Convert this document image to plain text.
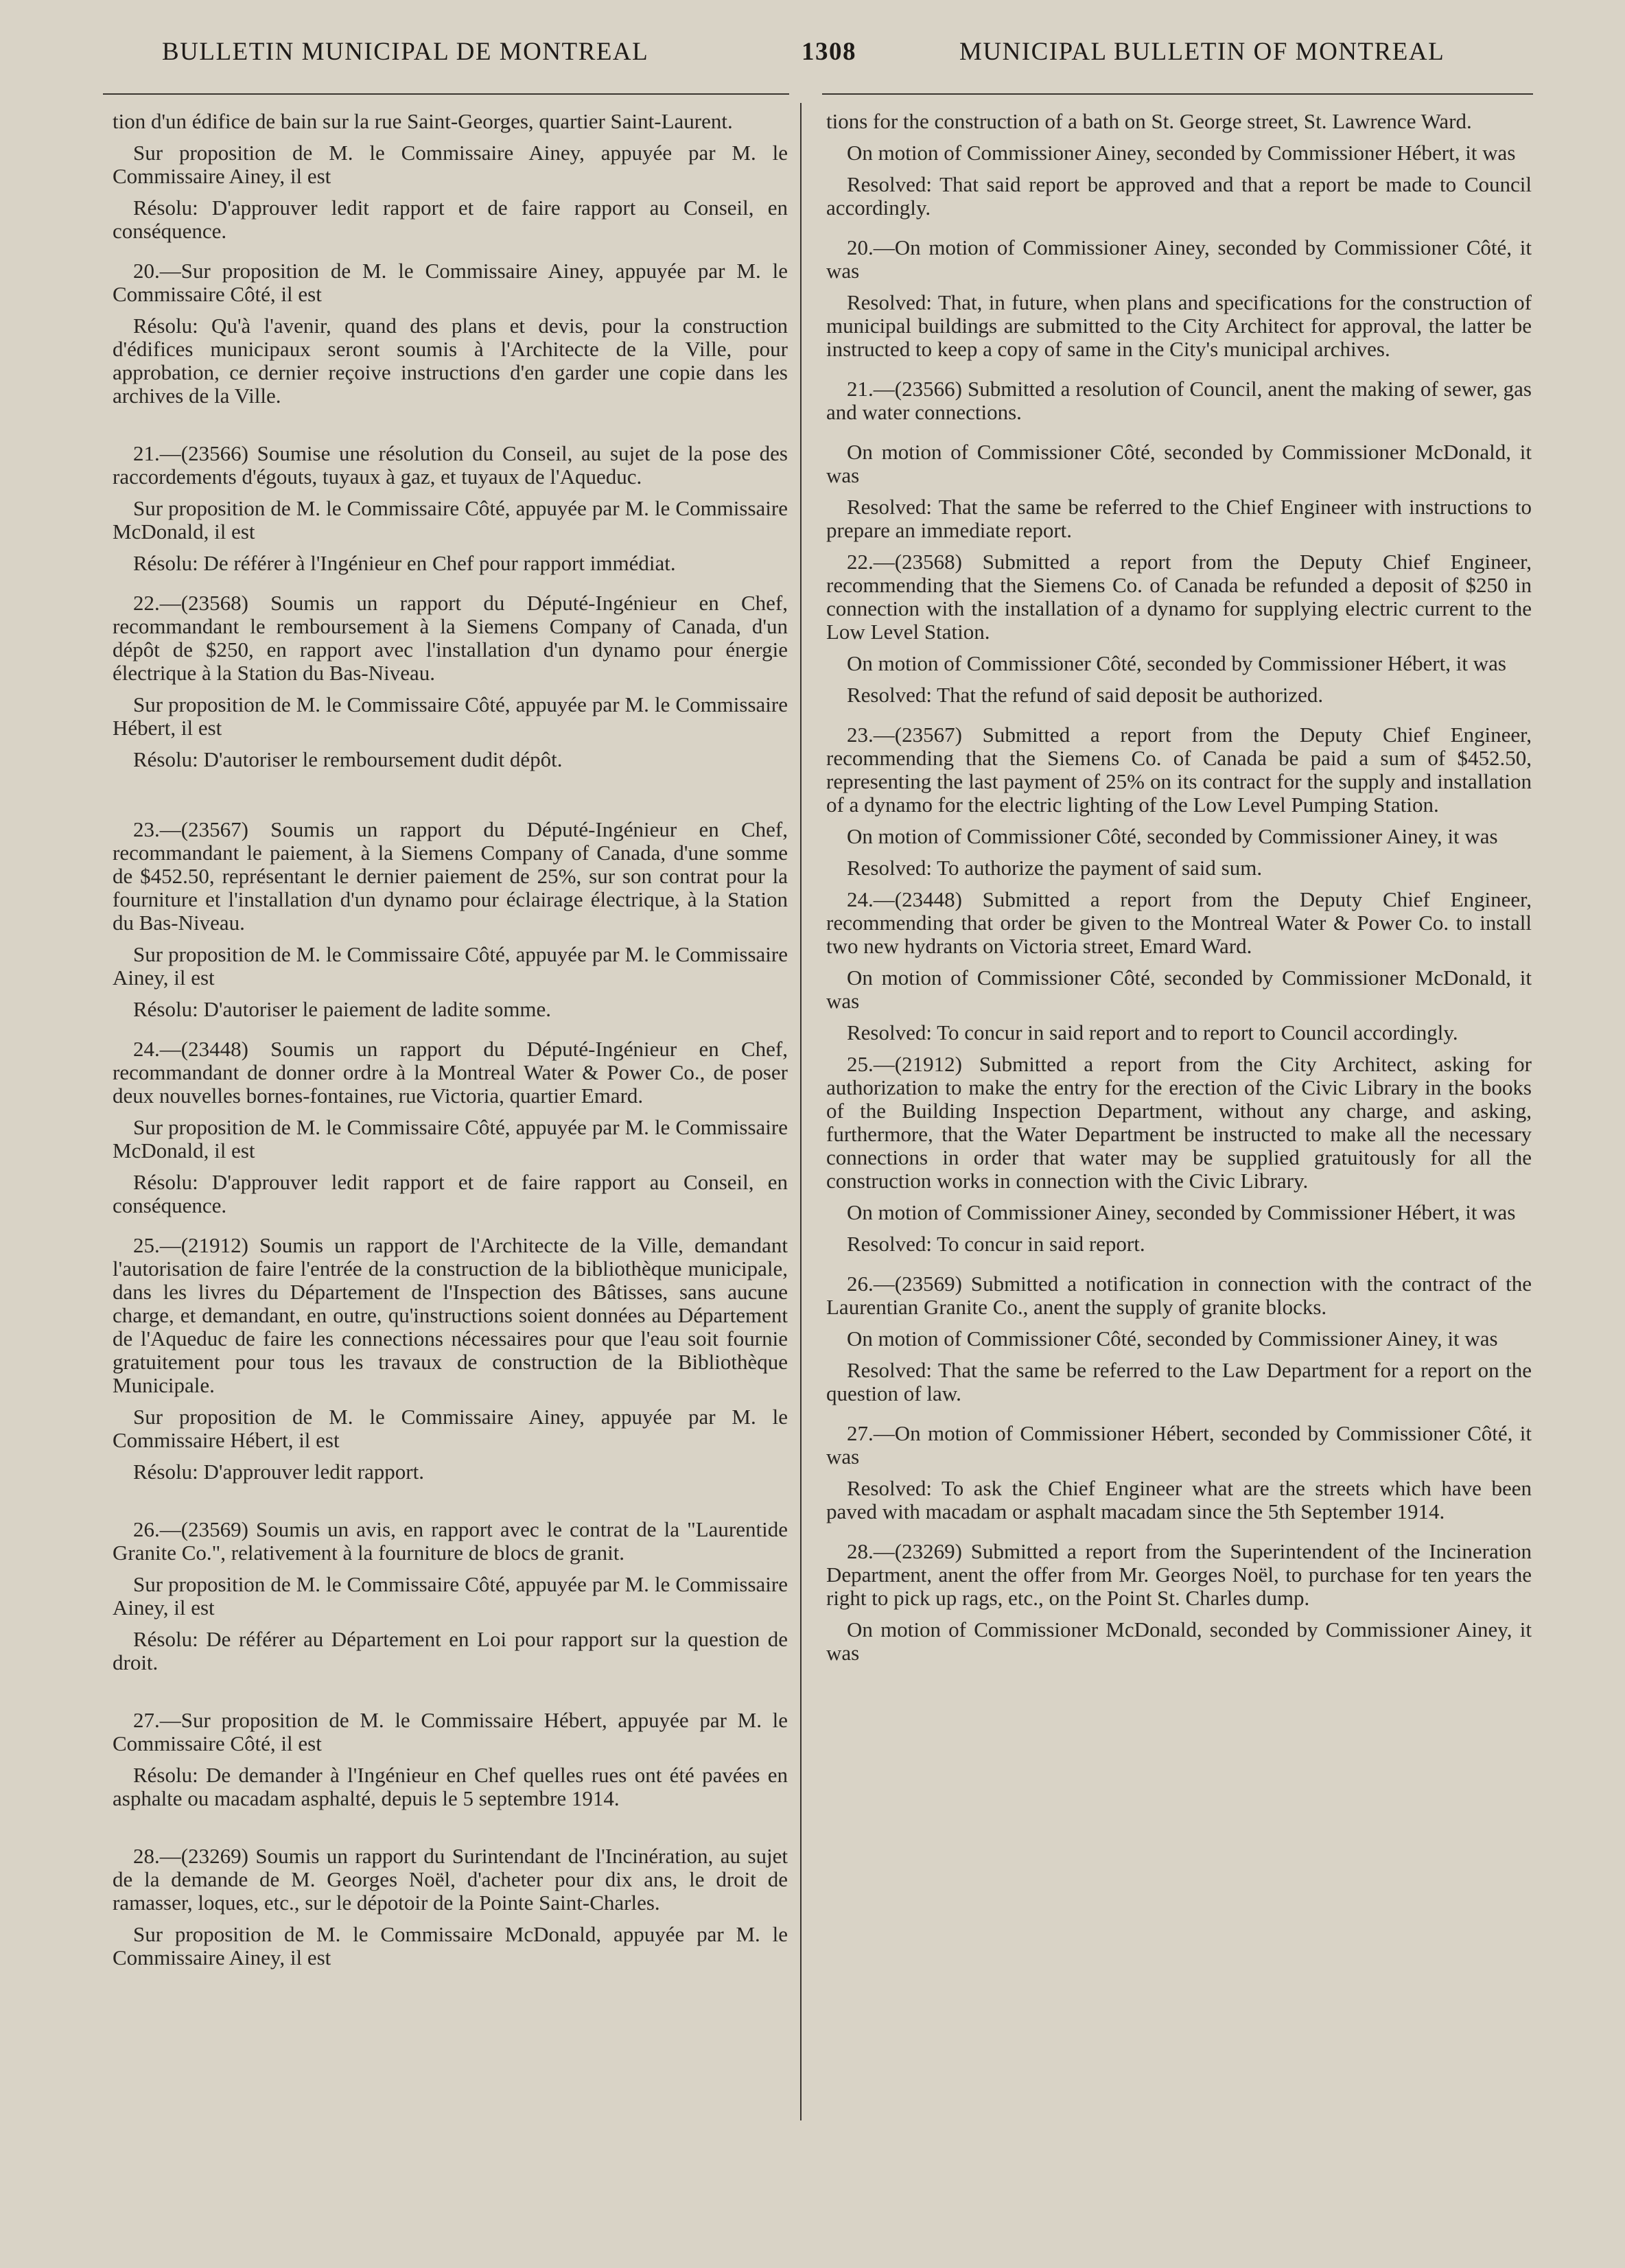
BULLETIN MUNICIPAL DE MONTREAL	1308	MUNICIPAL BULLETIN OF MONTREAL

tion d'un édifice de bain sur la rue Saint-Georges, quartier Saint-Laurent.

Sur proposition de M. le Commissaire Ainey, appuyée par M. le Commissaire Ainey, il est

Résolu: D'approuver ledit rapport et de faire rapport au Conseil, en conséquence.

20.—Sur proposition de M. le Commissaire Ainey, appuyée par M. le Commissaire Côté, il est

Résolu: Qu'à l'avenir, quand des plans et devis, pour la construction d'édifices municipaux seront soumis à l'Architecte de la Ville, pour approbation, ce dernier reçoive instructions d'en garder une copie dans les archives de la Ville.

21.—(23566) Soumise une résolution du Conseil, au sujet de la pose des raccordements d'égouts, tuyaux à gaz, et tuyaux de l'Aqueduc.

Sur proposition de M. le Commissaire Côté, appuyée par M. le Commissaire McDonald, il est

Résolu: De référer à l'Ingénieur en Chef pour rapport immédiat.

22.—(23568) Soumis un rapport du Député-Ingénieur en Chef, recommandant le remboursement à la Siemens Company of Canada, d'un dépôt de $250, en rapport avec l'installation d'un dynamo pour énergie électrique à la Station du Bas-Niveau.

Sur proposition de M. le Commissaire Côté, appuyée par M. le Commissaire Hébert, il est

Résolu: D'autoriser le remboursement dudit dépôt.

23.—(23567) Soumis un rapport du Député-Ingénieur en Chef, recommandant le paiement, à la Siemens Company of Canada, d'une somme de $452.50, représentant le dernier paiement de 25%, sur son contrat pour la fourniture et l'installation d'un dynamo pour éclairage électrique, à la Station du Bas-Niveau.

Sur proposition de M. le Commissaire Côté, appuyée par M. le Commissaire Ainey, il est

Résolu: D'autoriser le paiement de ladite somme.

24.—(23448) Soumis un rapport du Député-Ingénieur en Chef, recommandant de donner ordre à la Montreal Water & Power Co., de poser deux nouvelles bornes-fontaines, rue Victoria, quartier Emard.

Sur proposition de M. le Commissaire Côté, appuyée par M. le Commissaire McDonald, il est

Résolu: D'approuver ledit rapport et de faire rapport au Conseil, en conséquence.

25.—(21912) Soumis un rapport de l'Architecte de la Ville, demandant l'autorisation de faire l'entrée de la construction de la bibliothèque municipale, dans les livres du Département de l'Inspection des Bâtisses, sans aucune charge, et demandant, en outre, qu'instructions soient données au Département de l'Aqueduc de faire les connections nécessaires pour que l'eau soit fournie gratuitement pour tous les travaux de construction de la Bibliothèque Municipale.

Sur proposition de M. le Commissaire Ainey, appuyée par M. le Commissaire Hébert, il est

Résolu: D'approuver ledit rapport.

26.—(23569) Soumis un avis, en rapport avec le contrat de la "Laurentide Granite Co.", relativement à la fourniture de blocs de granit.

Sur proposition de M. le Commissaire Côté, appuyée par M. le Commissaire Ainey, il est

Résolu: De référer au Département en Loi pour rapport sur la question de droit.

27.—Sur proposition de M. le Commissaire Hébert, appuyée par M. le Commissaire Côté, il est

Résolu: De demander à l'Ingénieur en Chef quelles rues ont été pavées en asphalte ou macadam asphalté, depuis le 5 septembre 1914.

28.—(23269) Soumis un rapport du Surintendant de l'Incinération, au sujet de la demande de M. Georges Noël, d'acheter pour dix ans, le droit de ramasser, loques, etc., sur le dépotoir de la Pointe Saint-Charles.

Sur proposition de M. le Commissaire McDonald, appuyée par M. le Commissaire Ainey, il est

tions for the construction of a bath on St. George street, St. Lawrence Ward.

On motion of Commissioner Ainey, seconded by Commissioner Hébert, it was

Resolved: That said report be approved and that a report be made to Council accordingly.

20.—On motion of Commissioner Ainey, seconded by Commissioner Côté, it was

Resolved: That, in future, when plans and specifications for the construction of municipal buildings are submitted to the City Architect for approval, the latter be instructed to keep a copy of same in the City's municipal archives.

21.—(23566) Submitted a resolution of Council, anent the making of sewer, gas and water connections.

On motion of Commissioner Côté, seconded by Commissioner McDonald, it was

Resolved: That the same be referred to the Chief Engineer with instructions to prepare an immediate report.

22.—(23568) Submitted a report from the Deputy Chief Engineer, recommending that the Siemens Co. of Canada be refunded a deposit of $250 in connection with the installation of a dynamo for supplying electric current to the Low Level Station.

On motion of Commissioner Côté, seconded by Commissioner Hébert, it was

Resolved: That the refund of said deposit be authorized.

23.—(23567) Submitted a report from the Deputy Chief Engineer, recommending that the Siemens Co. of Canada be paid a sum of $452.50, representing the last payment of 25% on its contract for the supply and installation of a dynamo for the electric lighting of the Low Level Pumping Station.

On motion of Commissioner Côté, seconded by Commissioner Ainey, it was

Resolved: To authorize the payment of said sum.

24.—(23448) Submitted a report from the Deputy Chief Engineer, recommending that order be given to the Montreal Water & Power Co. to install two new hydrants on Victoria street, Emard Ward.

On motion of Commissioner Côté, seconded by Commissioner McDonald, it was

Resolved: To concur in said report and to report to Council accordingly.

25.—(21912) Submitted a report from the City Architect, asking for authorization to make the entry for the erection of the Civic Library in the books of the Building Inspection Department, without any charge, and asking, furthermore, that the Water Department be instructed to make all the necessary connections in order that water may be supplied gratuitously for all the construction works in connection with the Civic Library.

On motion of Commissioner Ainey, seconded by Commissioner Hébert, it was

Resolved: To concur in said report.

26.—(23569) Submitted a notification in connection with the contract of the Laurentian Granite Co., anent the supply of granite blocks.

On motion of Commissioner Côté, seconded by Commissioner Ainey, it was

Resolved: That the same be referred to the Law Department for a report on the question of law.

27.—On motion of Commissioner Hébert, seconded by Commissioner Côté, it was

Resolved: To ask the Chief Engineer what are the streets which have been paved with macadam or asphalt macadam since the 5th September 1914.

28.—(23269) Submitted a report from the Superintendent of the Incineration Department, anent the offer from Mr. Georges Noël, to purchase for ten years the right to pick up rags, etc., on the Point St. Charles dump.

On motion of Commissioner McDonald, seconded by Commissioner Ainey, it was
